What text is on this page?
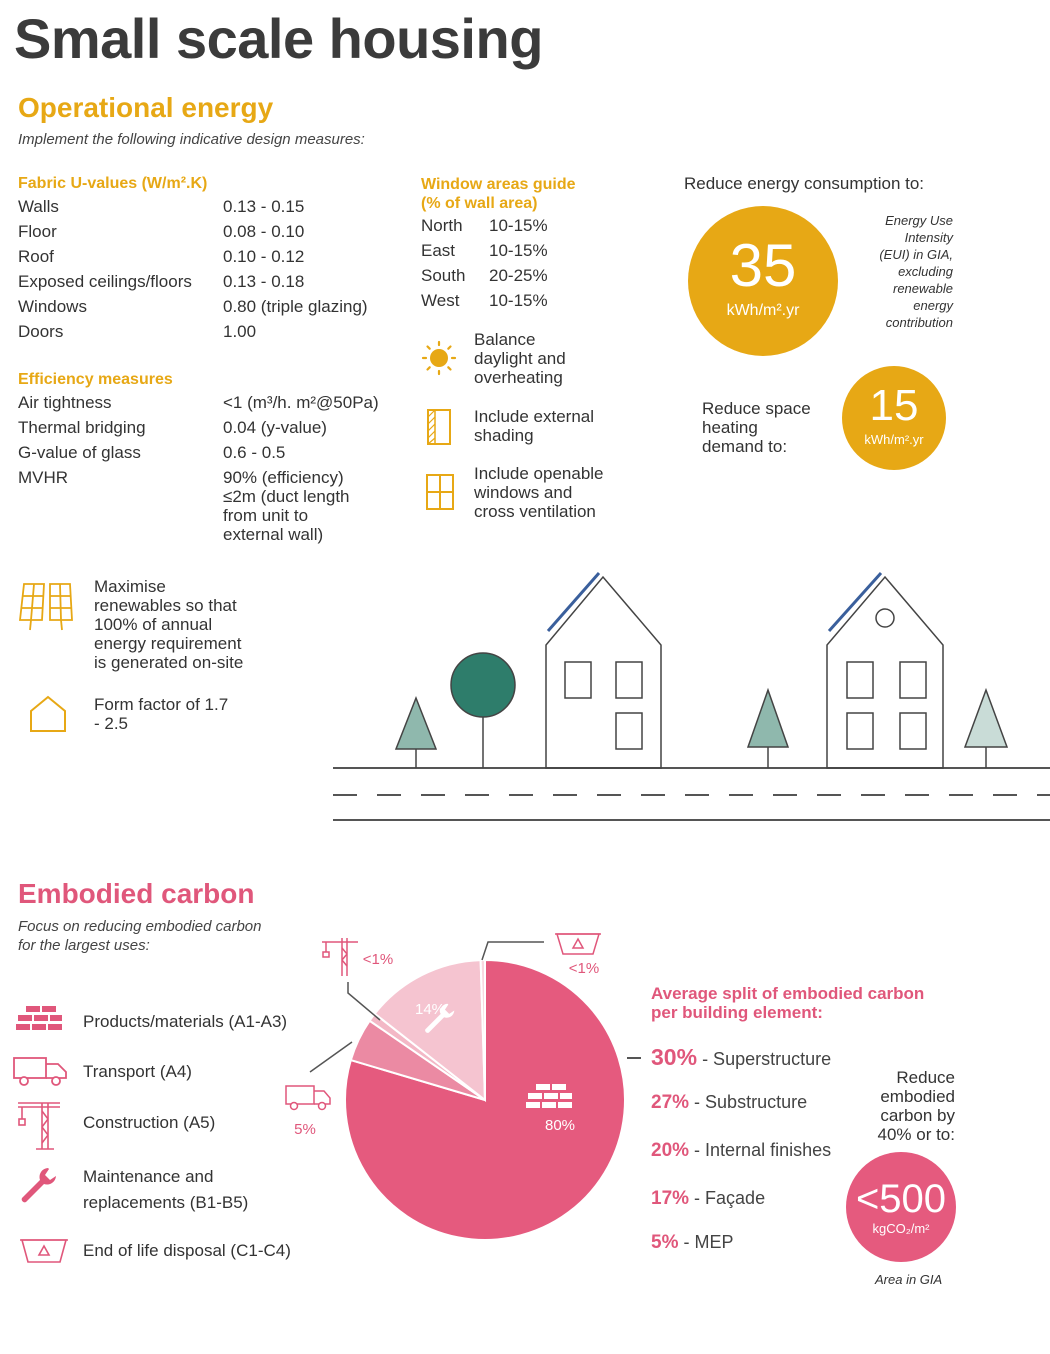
Small scale housing
Operational energy
Implement the following indicative design measures:
Fabric U-values (W/m².K)
Walls	0.13 - 0.15
Floor	0.08 - 0.10
Roof	0.10 - 0.12
Exposed ceilings/floors	0.13 - 0.18
Windows	0.80 (triple glazing)
Doors	1.00
Efficiency measures
Air tightness	<1 (m³/h. m²@50Pa)
Thermal bridging	0.04 (y-value)
G-value of glass	0.6 - 0.5
MVHR	90% (efficiency)
≤2m (duct length
from unit to
external wall)
Window areas guide
(% of wall area)
North	10-15%
East	10-15%
South	20-25%
West	10-15%
Balance
daylight and
overheating
Include external
shading
Include openable
windows and
cross ventilation
Reduce energy consumption to:
35
kWh/m².yr
Energy Use
Intensity
(EUI) in GIA,
excluding
renewable
energy
contribution
Reduce space
heating
demand to:
15
kWh/m².yr
Maximise
renewables so that
100% of annual
energy requirement
is generated on-site
Form factor of 1.7
- 2.5
Embodied carbon
Focus on reducing embodied carbon
for the largest uses:
Products/materials (A1-A3)
Transport (A4)
Construction (A5)
Maintenance and
replacements (B1-B5)
End of life disposal (C1-C4)
80%
5%
<1%
14%
<1%
Average split of embodied carbon
per building element:
30% - Superstructure
27% - Substructure
20% - Internal finishes
17% - Façade
5% - MEP
Reduce
embodied
carbon by
40% or to:
<500
kgCO₂/m²
Area in GIA
